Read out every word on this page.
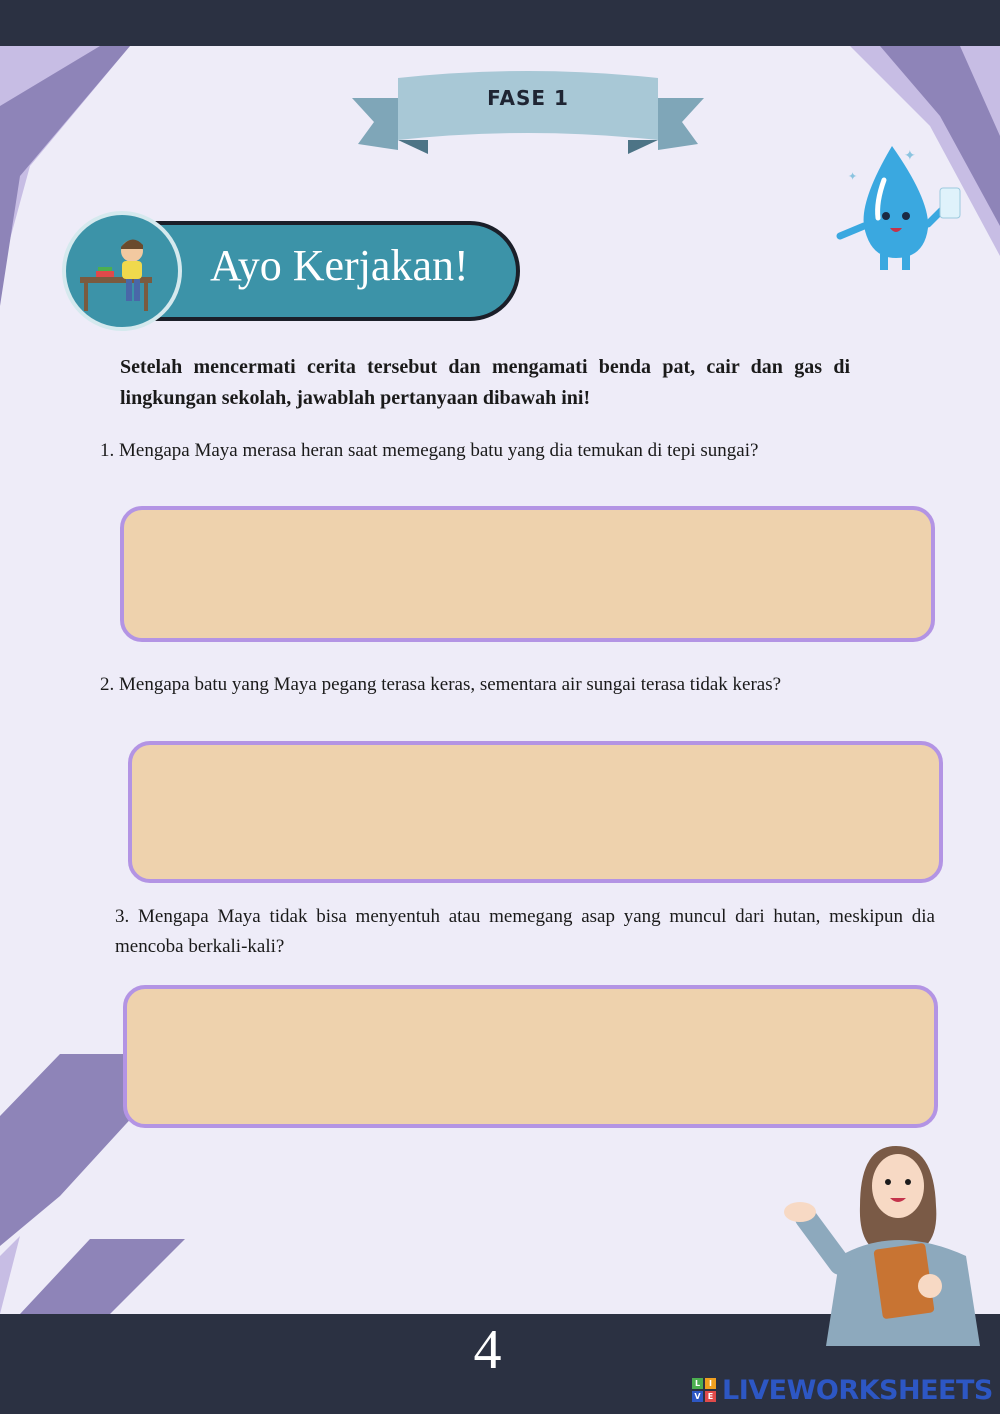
FASE 1
Ayo Kerjakan!
✦
✦
Setelah mencermati cerita tersebut dan mengamati benda pat, cair dan gas di lingkungan sekolah, jawablah pertanyaan dibawah ini!
1. Mengapa Maya merasa heran saat memegang batu yang dia temukan di tepi sungai?
2. Mengapa batu yang Maya pegang terasa keras, sementara air sungai terasa tidak keras?
3. Mengapa Maya tidak bisa menyentuh atau memegang asap yang muncul dari hutan, meskipun dia mencoba berkali-kali?
4
L	I
V E LIVEWORKSHEETS
